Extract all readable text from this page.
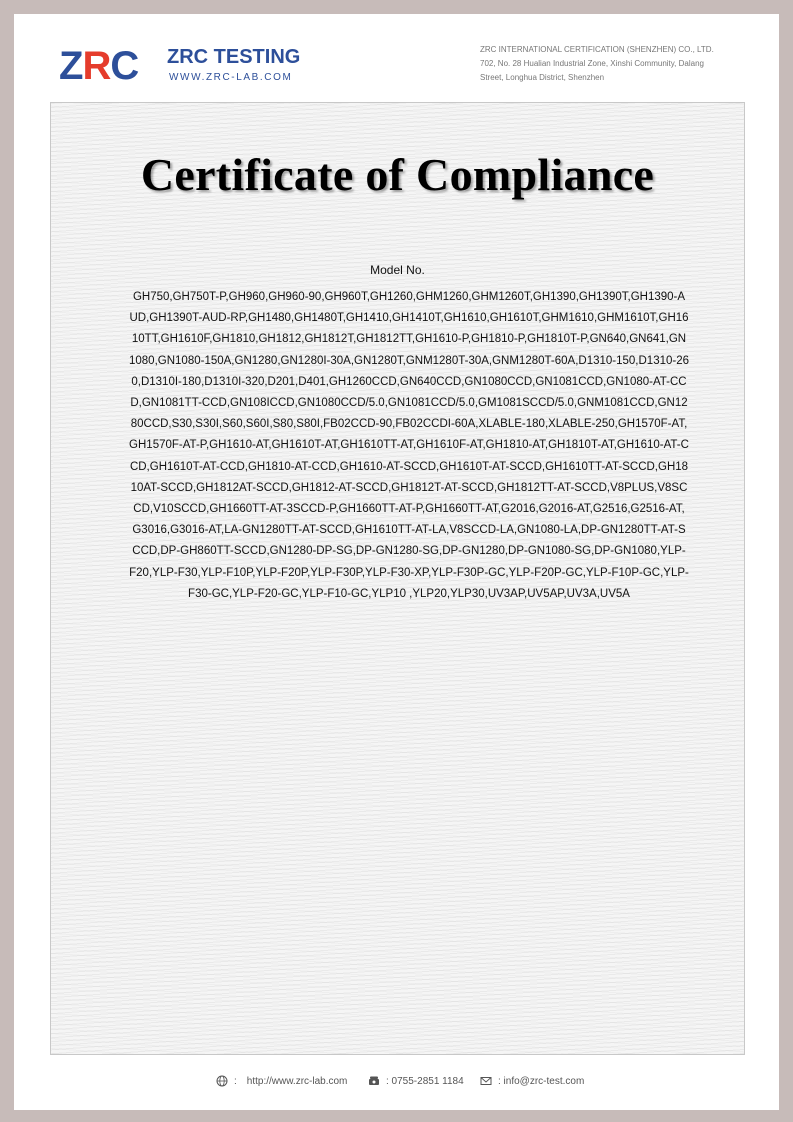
ZRC ZRC TESTING
WWW.ZRC-LAB.COM
ZRC INTERNATIONAL CERTIFICATION (SHENZHEN) CO., LTD.
702, No. 28 Hualian Industrial Zone, Xinshi Community, Dalang
Street, Longhua District, Shenzhen
Certificate of Compliance
Model No.
GH750,GH750T-P,GH960,GH960-90,GH960T,GH1260,GHM1260,GHM1260T,GH1390,GH1390T,GH1390-AUD,GH1390T-AUD-RP,GH1480,GH1480T,GH1410,GH1410T,GH1610,GH1610T,GHM1610,GHM1610T,GH1610TT,GH1610F,GH1810,GH1812,GH1812T,GH1812TT,GH1610-P,GH1810-P,GH1810T-P,GN640,GN641,GN1080,GN1080-150A,GN1280,GN1280I-30A,GN1280T,GNM1280T-30A,GNM1280T-60A,D1310-150,D1310-260,D1310I-180,D1310I-320,D201,D401,GH1260CCD,GN640CCD,GN1080CCD,GN1081CCD,GN1080-AT-CCD,GN1081TT-CCD,GN108ICCD,GN1080CCD/5.0,GN1081CCD/5.0,GM1081SCCD/5.0,GNM1081CCD,GN1280CCD,S30,S30I,S60,S60I,S80,S80I,FB02CCD-90,FB02CCDI-60A,XLABLE-180,XLABLE-250,GH1570F-AT,GH1570F-AT-P,GH1610-AT,GH1610T-AT,GH1610TT-AT,GH1610F-AT,GH1810-AT,GH1810T-AT,GH1610-AT-CCD,GH1610T-AT-CCD,GH1810-AT-CCD,GH1610-AT-SCCD,GH1610T-AT-SCCD,GH1610TT-AT-SCCD,GH1810AT-SCCD,GH1812AT-SCCD,GH1812-AT-SCCD,GH1812T-AT-SCCD,GH1812TT-AT-SCCD,V8PLUS,V8SCCD,V10SCCD,GH1660TT-AT-3SCCD-P,GH1660TT-AT-P,GH1660TT-AT,G2016,G2016-AT,G2516,G2516-AT,G3016,G3016-AT,LA-GN1280TT-AT-SCCD,GH1610TT-AT-LA,V8SCCD-LA,GN1080-LA,DP-GN1280TT-AT-SCCD,DP-GH860TT-SCCD,GN1280-DP-SG,DP-GN1280-SG,DP-GN1280,DP-GN1080-SG,DP-GN1080,YLP-F20,YLP-F30,YLP-F10P,YLP-F20P,YLP-F30P,YLP-F30-XP,YLP-F30P-GC,YLP-F20P-GC,YLP-F10P-GC,YLP-F30-GC,YLP-F20-GC,YLP-F10-GC,YLP10 ,YLP20,YLP30,UV3AP,UV5AP,UV3A,UV5A
: http://www.zrc-lab.com	: 0755-2851 1184	: info@zrc-test.com
